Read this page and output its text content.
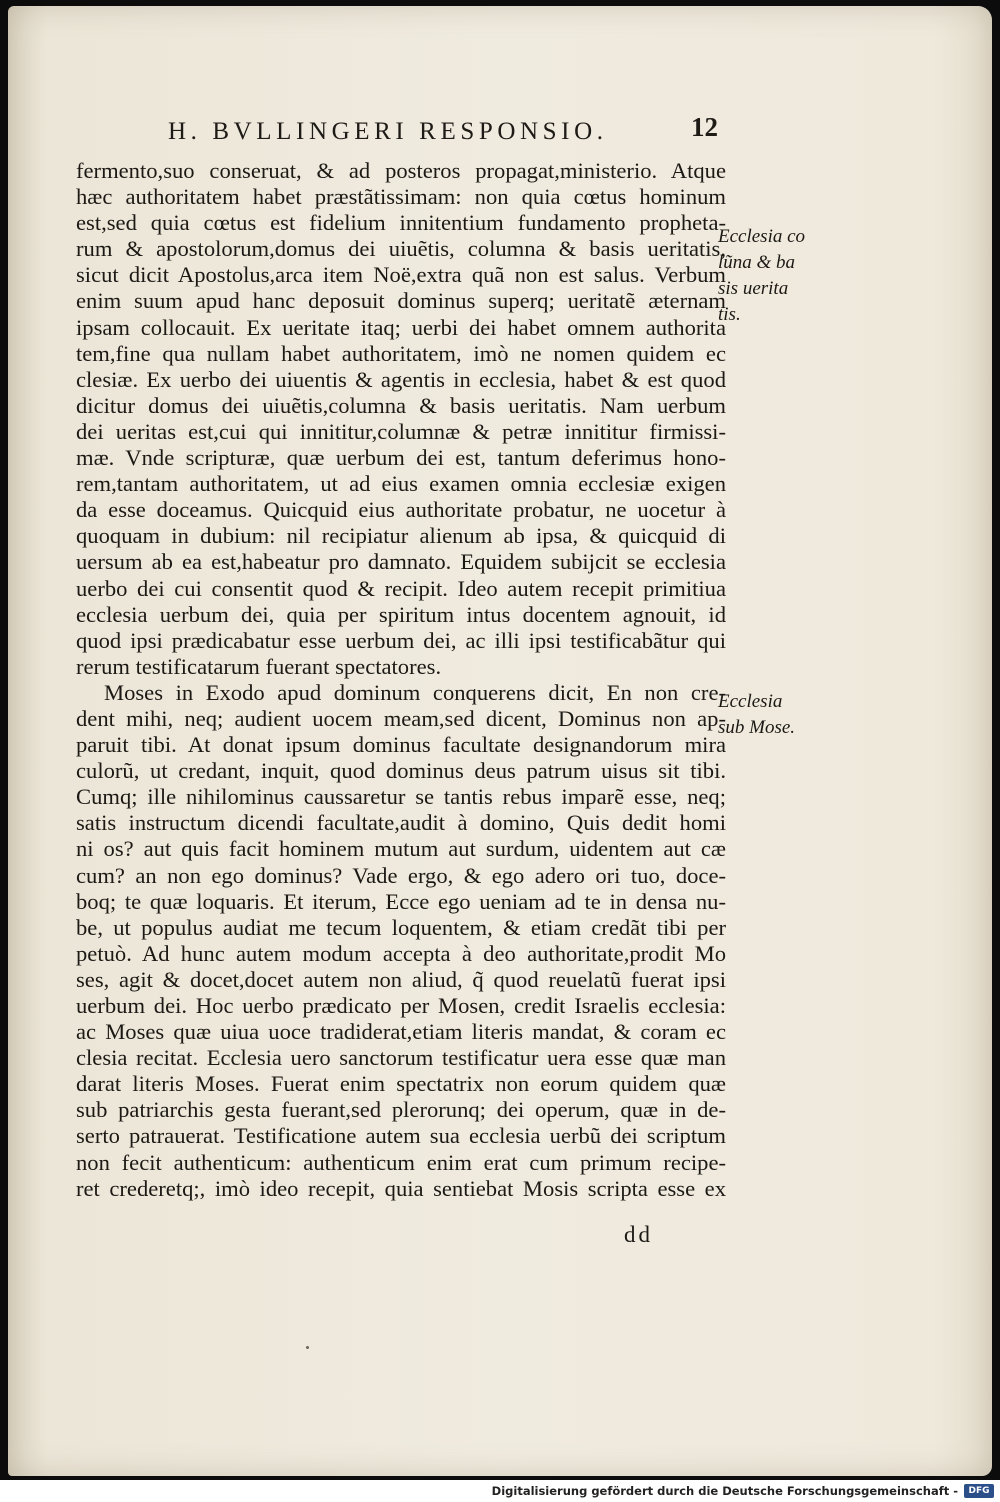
H. BVLLINGERI RESPONSIO.	12
fermento,suo conseruat, & ad posteros propagat,ministerio. Atque
hæc authoritatem habet præstãtissimam: non quia cœtus hominum
est,sed quia cœtus est fidelium innitentium fundamento propheta-
rum & apostolorum,domus dei uiuẽtis, columna & basis ueritatis,
sicut dicit Apostolus,arca item Noë,extra quã non est salus. Verbum
enim suum apud hanc deposuit dominus superq; ueritatẽ æternam
ipsam collocauit. Ex ueritate itaq; uerbi dei habet omnem authorita
tem,fine qua nullam habet authoritatem, imò ne nomen quidem ec
clesiæ. Ex uerbo dei uiuentis & agentis in ecclesia, habet & est quod
dicitur domus dei uiuẽtis,columna & basis ueritatis. Nam uerbum
dei ueritas est,cui qui innititur,columnæ & petræ innititur firmissi-
mæ. Vnde scripturæ, quæ uerbum dei est, tantum deferimus hono-
rem,tantam authoritatem, ut ad eius examen omnia ecclesiæ exigen
da esse doceamus. Quicquid eius authoritate probatur, ne uocetur à
quoquam in dubium: nil recipiatur alienum ab ipsa, & quicquid di
uersum ab ea est,habeatur pro damnato. Equidem subijcit se ecclesia
uerbo dei cui consentit quod & recipit. Ideo autem recepit primitiua
ecclesia uerbum dei, quia per spiritum intus docentem agnouit, id
quod ipsi prædicabatur esse uerbum dei, ac illi ipsi testificabãtur qui
rerum testificatarum fuerant spectatores.
Moses in Exodo apud dominum conquerens dicit, En non cre-
dent mihi, neq; audient uocem meam,sed dicent, Dominus non ap-
paruit tibi. At donat ipsum dominus facultate designandorum mira
culorũ, ut credant, inquit, quod dominus deus patrum uisus sit tibi.
Cumq; ille nihilominus caussaretur se tantis rebus imparẽ esse, neq;
satis instructum dicendi facultate,audit à domino, Quis dedit homi
ni os? aut quis facit hominem mutum aut surdum, uidentem aut cæ
cum? an non ego dominus? Vade ergo, & ego adero ori tuo, doce-
boq; te quæ loquaris. Et iterum, Ecce ego ueniam ad te in densa nu-
be, ut populus audiat me tecum loquentem, & etiam credãt tibi per
petuò. Ad hunc autem modum accepta à deo authoritate,prodit Mo
ses, agit & docet,docet autem non aliud, q̃ quod reuelatũ fuerat ipsi
uerbum dei. Hoc uerbo prædicato per Mosen, credit Israelis ecclesia:
ac Moses quæ uiua uoce tradiderat,etiam literis mandat, & coram ec
clesia recitat. Ecclesia uero sanctorum testificatur uera esse quæ man
darat literis Moses. Fuerat enim spectatrix non eorum quidem quæ
sub patriarchis gesta fuerant,sed plerorunq; dei operum, quæ in de-
serto patrauerat. Testificatione autem sua ecclesia uerbũ dei scriptum
non fecit authenticum: authenticum enim erat cum primum recipe-
ret crederetq;, imò ideo recepit, quia sentiebat Mosis scripta esse ex
Ecclesia co
lũna & ba
sis uerita
tis.
Ecclesia
sub Mose.
dd
Digitalisierung gefördert durch die Deutsche Forschungsgemeinschaft -	DFG
